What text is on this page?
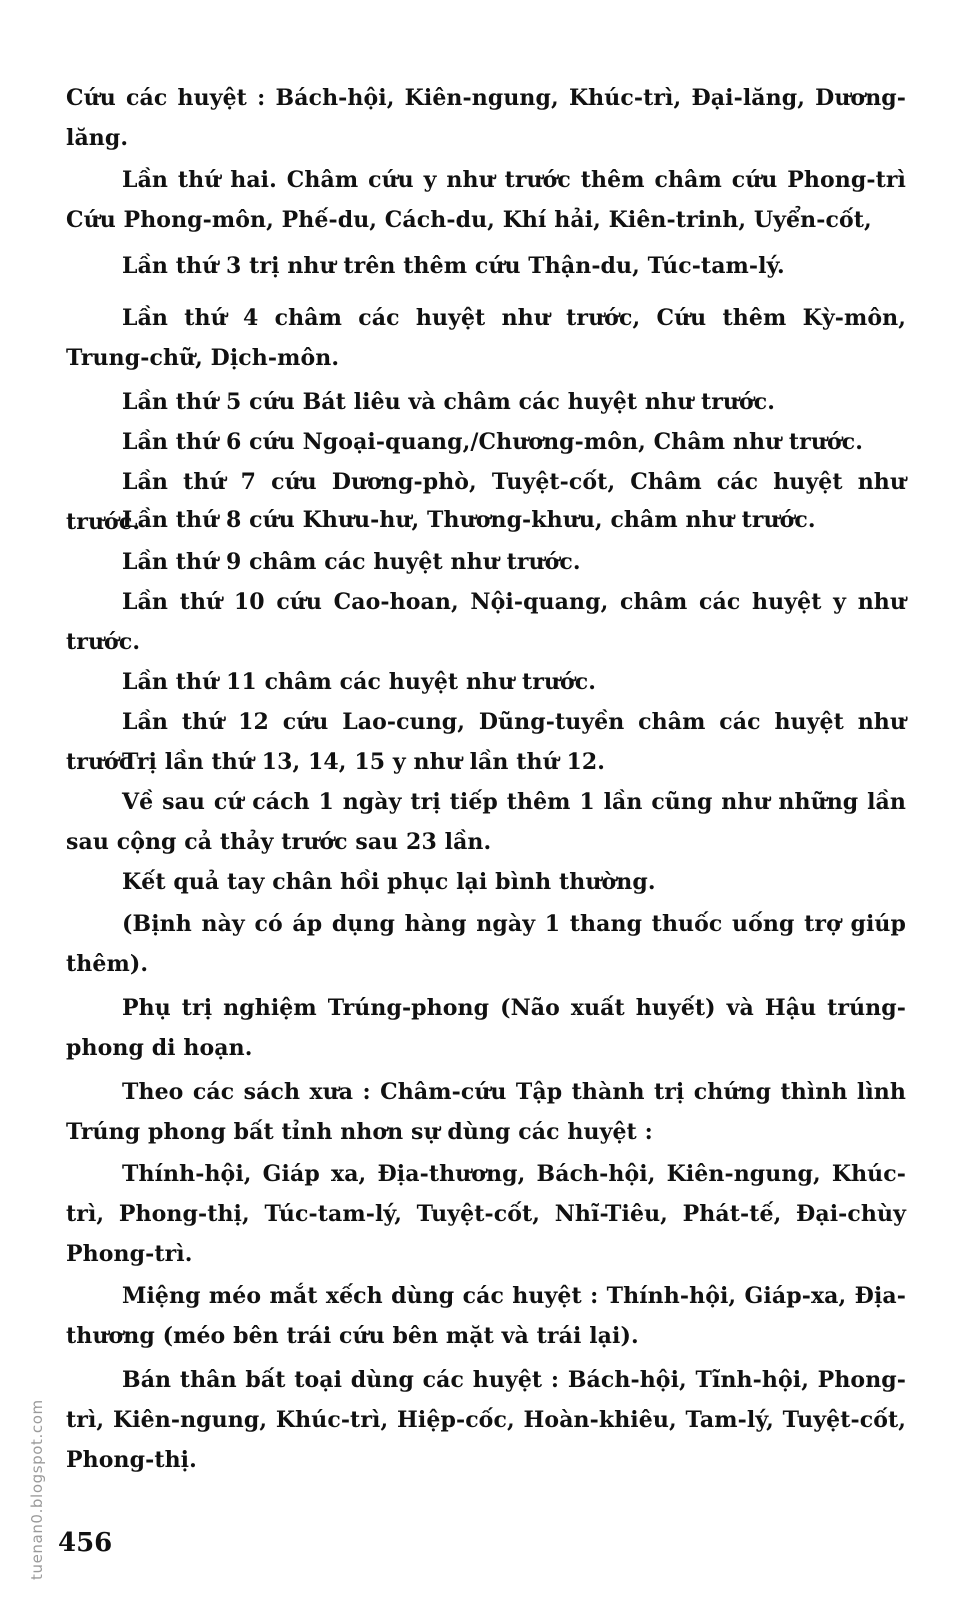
Cứu các huyệt : Bách-hội, Kiên-ngung, Khúc-trì, Đại-lăng, Dương-lăng.

Lần thứ hai. Châm cứu y như trước thêm châm cứu Phong-trì Cứu Phong-môn, Phế-du, Cách-du, Khí hải, Kiên-trinh, Uyển-cốt,

Lần thứ 3 trị như trên thêm cứu Thận-du, Túc-tam-lý.

Lần thứ 4 châm các huyệt như trước, Cứu thêm Kỳ-môn, Trung-chữ, Dịch-môn.

Lần thứ 5 cứu Bát liêu và châm các huyệt như trước.

Lần thứ 6 cứu Ngoại-quang,/Chương-môn, Châm như trước.

Lần thứ 7 cứu Dương-phò, Tuyệt-cốt, Châm các huyệt như trước.

Lần thứ 8 cứu Khưu-hư, Thương-khưu, châm như trước.

Lần thứ 9 châm các huyệt như trước.

Lần thứ 10 cứu Cao-hoan, Nội-quang, châm các huyệt y như trước.

Lần thứ 11 châm các huyệt như trước.

Lần thứ 12 cứu Lao-cung, Dũng-tuyền châm các huyệt như trước

Trị lần thứ 13, 14, 15 y như lần thứ 12.

Về sau cứ cách 1 ngày trị tiếp thêm 1 lần cũng như những lần sau cộng cả thảy trước sau 23 lần.

Kết quả tay chân hồi phục lại bình thường.

(Bịnh này có áp dụng hàng ngày 1 thang thuốc uống trợ giúp thêm).

Phụ trị nghiệm Trúng-phong (Não xuất huyết) và Hậu trúng-phong di hoạn.

Theo các sách xưa : Châm-cứu Tập thành trị chứng thình lình Trúng phong bất tỉnh nhơn sự dùng các huyệt :

Thính-hội, Giáp xa, Địa-thương, Bách-hội, Kiên-ngung, Khúc-trì, Phong-thị, Túc-tam-lý, Tuyệt-cốt, Nhĩ-Tiêu, Phát-tế, Đại-chùy Phong-trì.

Miệng méo mắt xếch dùng các huyệt : Thính-hội, Giáp-xa, Địa-thương (méo bên trái cứu bên mặt và trái lại).

Bán thân bất toại dùng các huyệt : Bách-hội, Tĩnh-hội, Phong-trì, Kiên-ngung, Khúc-trì, Hiệp-cốc, Hoàn-khiêu, Tam-lý, Tuyệt-cốt, Phong-thị.

456
tuenan0.blogspot.com
